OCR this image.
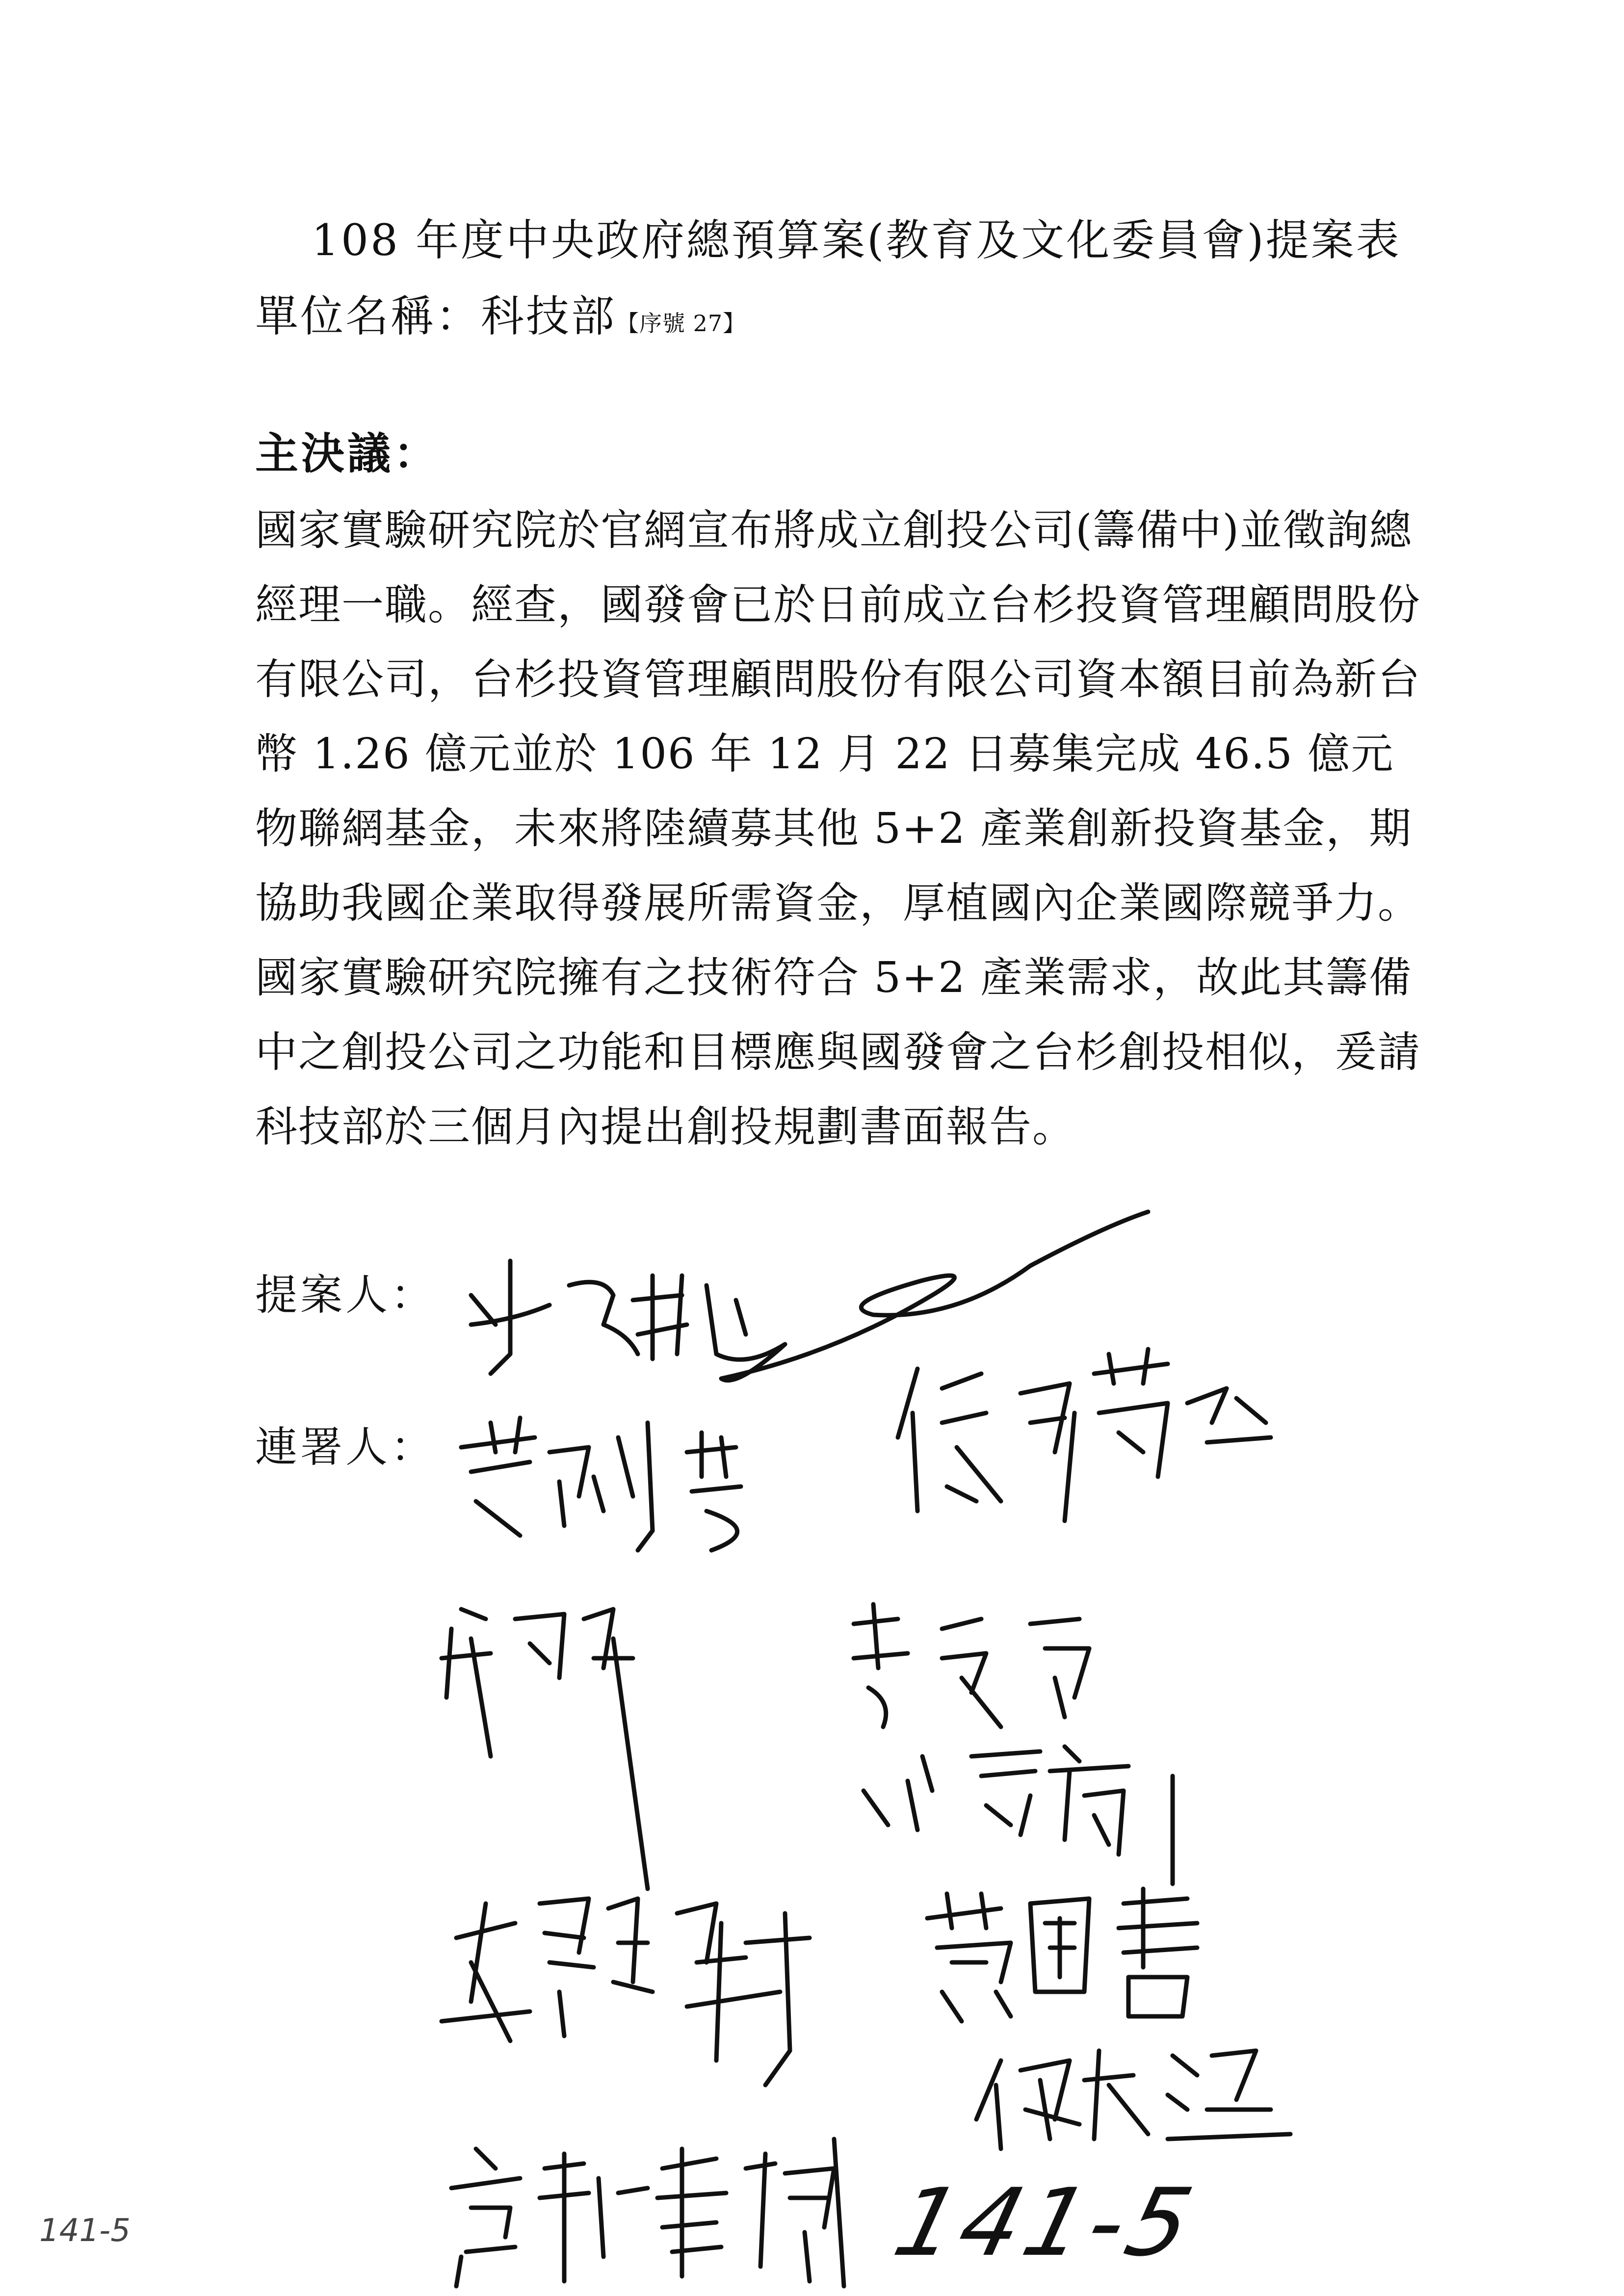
108 年度中央政府總預算案(教育及文化委員會)提案表
單位名稱：科技部【序號 27】
主決議：

國家實驗研究院於官網宣布將成立創投公司(籌備中)並徵詢總經理一職。經查，國發會已於日前成立台杉投資管理顧問股份有限公司，台杉投資管理顧問股份有限公司資本額目前為新台幣 1.26 億元並於 106 年 12 月 22 日募集完成 46.5 億元物聯網基金，未來將陸續募其他 5+2 產業創新投資基金，期協助我國企業取得發展所需資金，厚植國內企業國際競爭力。

國家實驗研究院擁有之技術符合 5+2 產業需求，故此其籌備中之創投公司之功能和目標應與國發會之台杉創投相似，爰請科技部於三個月內提出創投規劃書面報告。

提案人：
連署人：
141-5
141-5
